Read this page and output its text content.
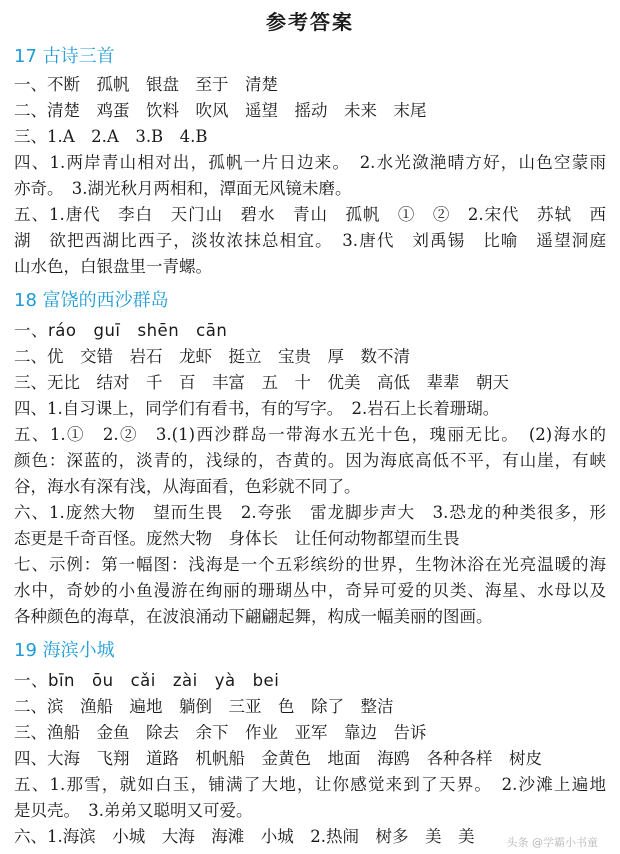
参考答案
17 古诗三首
一、不断　孤帆　银盘　至于　清楚
二、清楚　鸡蛋　饮料　吹风　遥望　摇动　未来　末尾
三、1.A　2.A　3.B　4.B
四、1.两岸青山相对出，孤帆一片日边来。　2.水光潋滟晴方好，山色空蒙雨
亦奇。　3.湖光秋月两相和，潭面无风镜未磨。
五、1.唐代　李白　天门山　碧水　青山　孤帆　①　②　2.宋代　苏轼　西
湖　欲把西湖比西子，淡妆浓抹总相宜。　3.唐代　刘禹锡　比喻　遥望洞庭
山水色，白银盘里一青螺。
18 富饶的西沙群岛
一、ráo　guī　shēn　cān
二、优　交错　岩石　龙虾　挺立　宝贵　厚　数不清
三、无比　结对　千　百　丰富　五　十　优美　高低　辈辈　朝天
四、1.自习课上，同学们有看书，有的写字。　2.岩石上长着珊瑚。
五、1.①　2.②　3.(1)西沙群岛一带海水五光十色，瑰丽无比。　(2)海水的
颜色：深蓝的，淡青的，浅绿的，杏黄的。因为海底高低不平，有山崖，有峡
谷，海水有深有浅，从海面看，色彩就不同了。
六、1.庞然大物　望而生畏　2.夸张　雷龙脚步声大　3.恐龙的种类很多，形
态更是千奇百怪。庞然大物　身体长　让任何动物都望而生畏
七、示例：第一幅图：浅海是一个五彩缤纷的世界，生物沐浴在光亮温暖的海
水中，奇妙的小鱼漫游在绚丽的珊瑚丛中，奇异可爱的贝类、海星、水母以及
各种颜色的海草，在波浪涌动下翩翩起舞，构成一幅美丽的图画。
19 海滨小城
一、bīn　ōu　cǎi　zài　yà　bei
二、滨　渔船　遍地　躺倒　三亚　色　除了　整洁
三、渔船　金鱼　除去　余下　作业　亚军　靠边　告诉
四、大海　飞翔　道路　机帆船　金黄色　地面　海鸥　各种各样　树皮
五、1.那雪，就如白玉，铺满了大地，让你感觉来到了天界。　2.沙滩上遍地
是贝壳。　3.弟弟又聪明又可爱。
六、1.海滨　小城　大海　海滩　小城　2.热闹　树多　美　美	头条 @学霸小书童
